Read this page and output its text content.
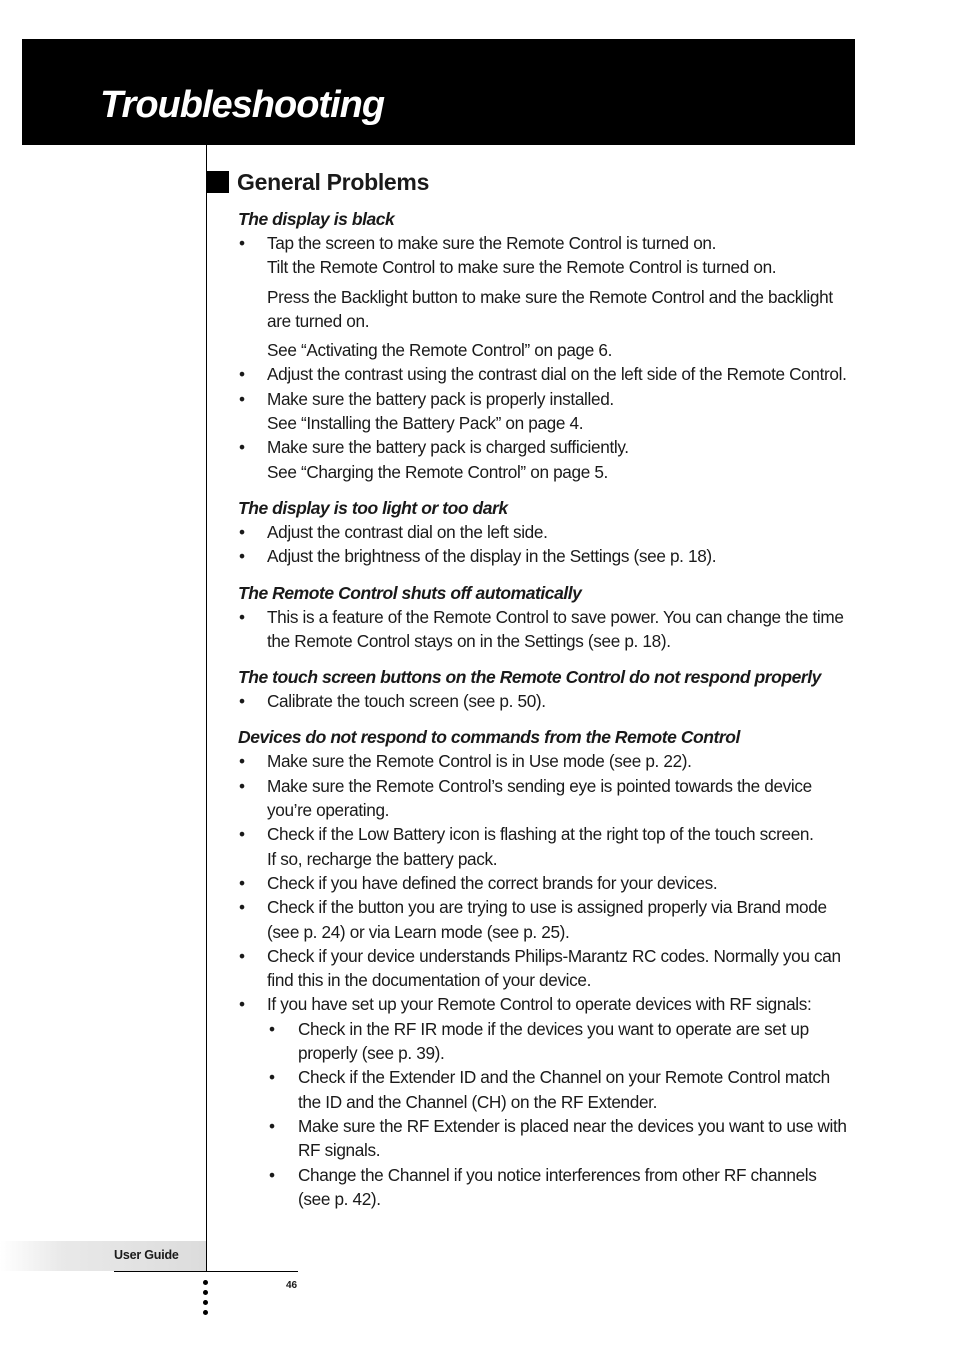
Troubleshooting
General Problems
The display is black
• Tap the screen to make sure the Remote Control is turned on.
Tilt the Remote Control to make sure the Remote Control is turned on.
Press the Backlight button to make sure the Remote Control and the backlight are turned on.
See “Activating the Remote Control” on page 6.
• Adjust the contrast using the contrast dial on the left side of the Remote Control.
• Make sure the battery pack is properly installed.
See “Installing the Battery Pack” on page 4.
• Make sure the battery pack is charged sufficiently.
See “Charging the Remote Control” on page 5.
The display is too light or too dark
• Adjust the contrast dial on the left side.
• Adjust the brightness of the display in the Settings (see p. 18).
The Remote Control shuts off automatically
• This is a feature of the Remote Control to save power. You can change the time the Remote Control stays on in the Settings (see p. 18).
The touch screen buttons on the Remote Control do not respond properly
• Calibrate the touch screen (see p. 50).
Devices do not respond to commands from the Remote Control
• Make sure the Remote Control is in Use mode (see p. 22).
• Make sure the Remote Control’s sending eye is pointed towards the device you’re operating.
• Check if the Low Battery icon is flashing at the right top of the touch screen.
If so, recharge the battery pack.
• Check if you have defined the correct brands for your devices.
• Check if the button you are trying to use is assigned properly via Brand mode (see p. 24) or via Learn mode (see p. 25).
• Check if your device understands Philips-Marantz RC codes. Normally you can find this in the documentation of your device.
• If you have set up your Remote Control to operate devices with RF signals:
• Check in the RF IR mode if the devices you want to operate are set up properly (see p. 39).
• Check if the Extender ID and the Channel on your Remote Control match the ID and the Channel (CH) on the RF Extender.
• Make sure the RF Extender is placed near the devices you want to use with RF signals.
• Change the Channel if you notice interferences from other RF channels (see p. 42).
User Guide
46
